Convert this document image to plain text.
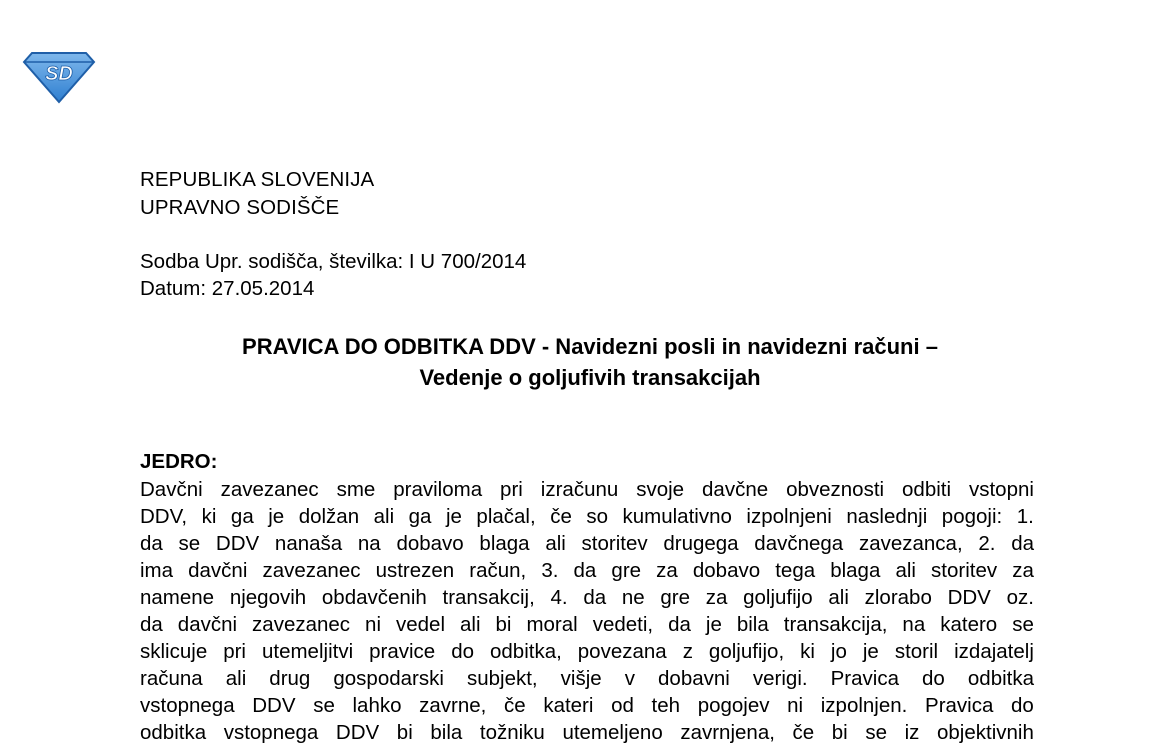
SD
REPUBLIKA SLOVENIJA
UPRAVNO SODIŠČE
Sodba Upr. sodišča, številka: I U 700/2014
Datum: 27.05.2014
PRAVICA DO ODBITKA DDV - Navidezni posli in navidezni računi –
Vedenje o goljufivih transakcijah
JEDRO:
Davčni zavezanec sme praviloma pri izračunu svoje davčne obveznosti odbiti vstopni
DDV, ki ga je dolžan ali ga je plačal, če so kumulativno izpolnjeni naslednji pogoji: 1.
da se DDV nanaša na dobavo blaga ali storitev drugega davčnega zavezanca, 2. da
ima davčni zavezanec ustrezen račun, 3. da gre za dobavo tega blaga ali storitev za
namene njegovih obdavčenih transakcij, 4. da ne gre za goljufijo ali zlorabo DDV oz.
da davčni zavezanec ni vedel ali bi moral vedeti, da je bila transakcija, na katero se
sklicuje pri utemeljitvi pravice do odbitka, povezana z goljufijo, ki jo je storil izdajatelj
računa ali drug gospodarski subjekt, višje v dobavni verigi. Pravica do odbitka
vstopnega DDV se lahko zavrne, če kateri od teh pogojev ni izpolnjen. Pravica do
odbitka vstopnega DDV bi bila tožniku utemeljeno zavrnjena, če bi se iz objektivnih
